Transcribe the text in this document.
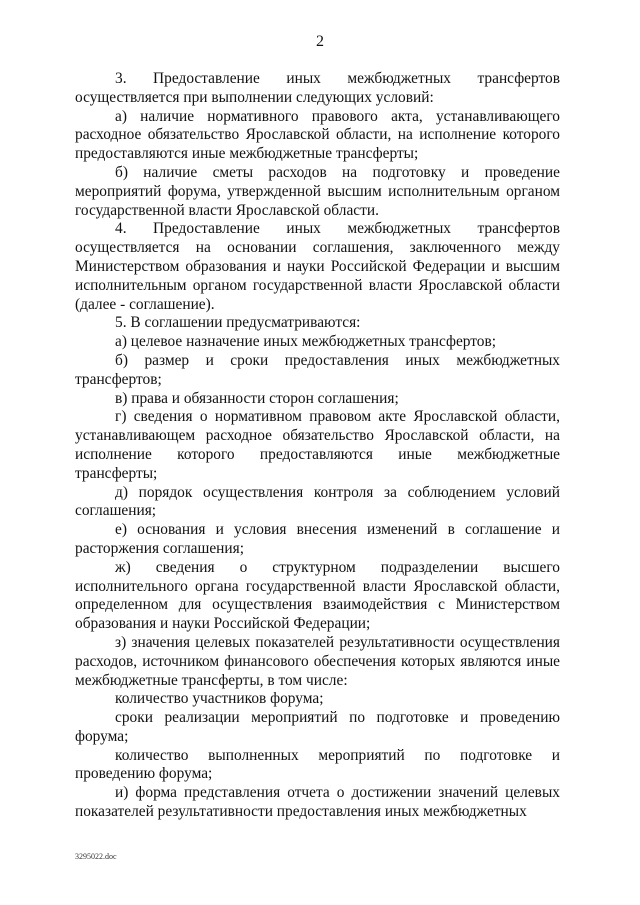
2

3. Предоставление иных межбюджетных трансфертов осуществляется при выполнении следующих условий:

а) наличие нормативного правового акта, устанавливающего расходное обязательство Ярославской области, на исполнение которого предоставляются иные межбюджетные трансферты;

б) наличие сметы расходов на подготовку и проведение мероприятий форума, утвержденной высшим исполнительным органом государственной власти Ярославской области.

4. Предоставление иных межбюджетных трансфертов осуществляется на основании соглашения, заключенного между Министерством образования и науки Российской Федерации и высшим исполнительным органом государственной власти Ярославской области (далее - соглашение).

5. В соглашении предусматриваются:

а) целевое назначение иных межбюджетных трансфертов;

б) размер и сроки предоставления иных межбюджетных трансфертов;

в) права и обязанности сторон соглашения;

г) сведения о нормативном правовом акте Ярославской области, устанавливающем расходное обязательство Ярославской области, на исполнение которого предоставляются иные межбюджетные трансферты;

д) порядок осуществления контроля за соблюдением условий соглашения;

е) основания и условия внесения изменений в соглашение и расторжения соглашения;

ж) сведения о структурном подразделении высшего исполнительного органа государственной власти Ярославской области, определенном для осуществления взаимодействия с Министерством образования и науки Российской Федерации;

з) значения целевых показателей результативности осуществления расходов, источником финансового обеспечения которых являются иные межбюджетные трансферты, в том числе:

количество участников форума;

сроки реализации мероприятий по подготовке и проведению форума;

количество выполненных мероприятий по подготовке и проведению форума;

и) форма представления отчета о достижении значений целевых показателей результативности предоставления иных межбюджетных

3295022.doc
